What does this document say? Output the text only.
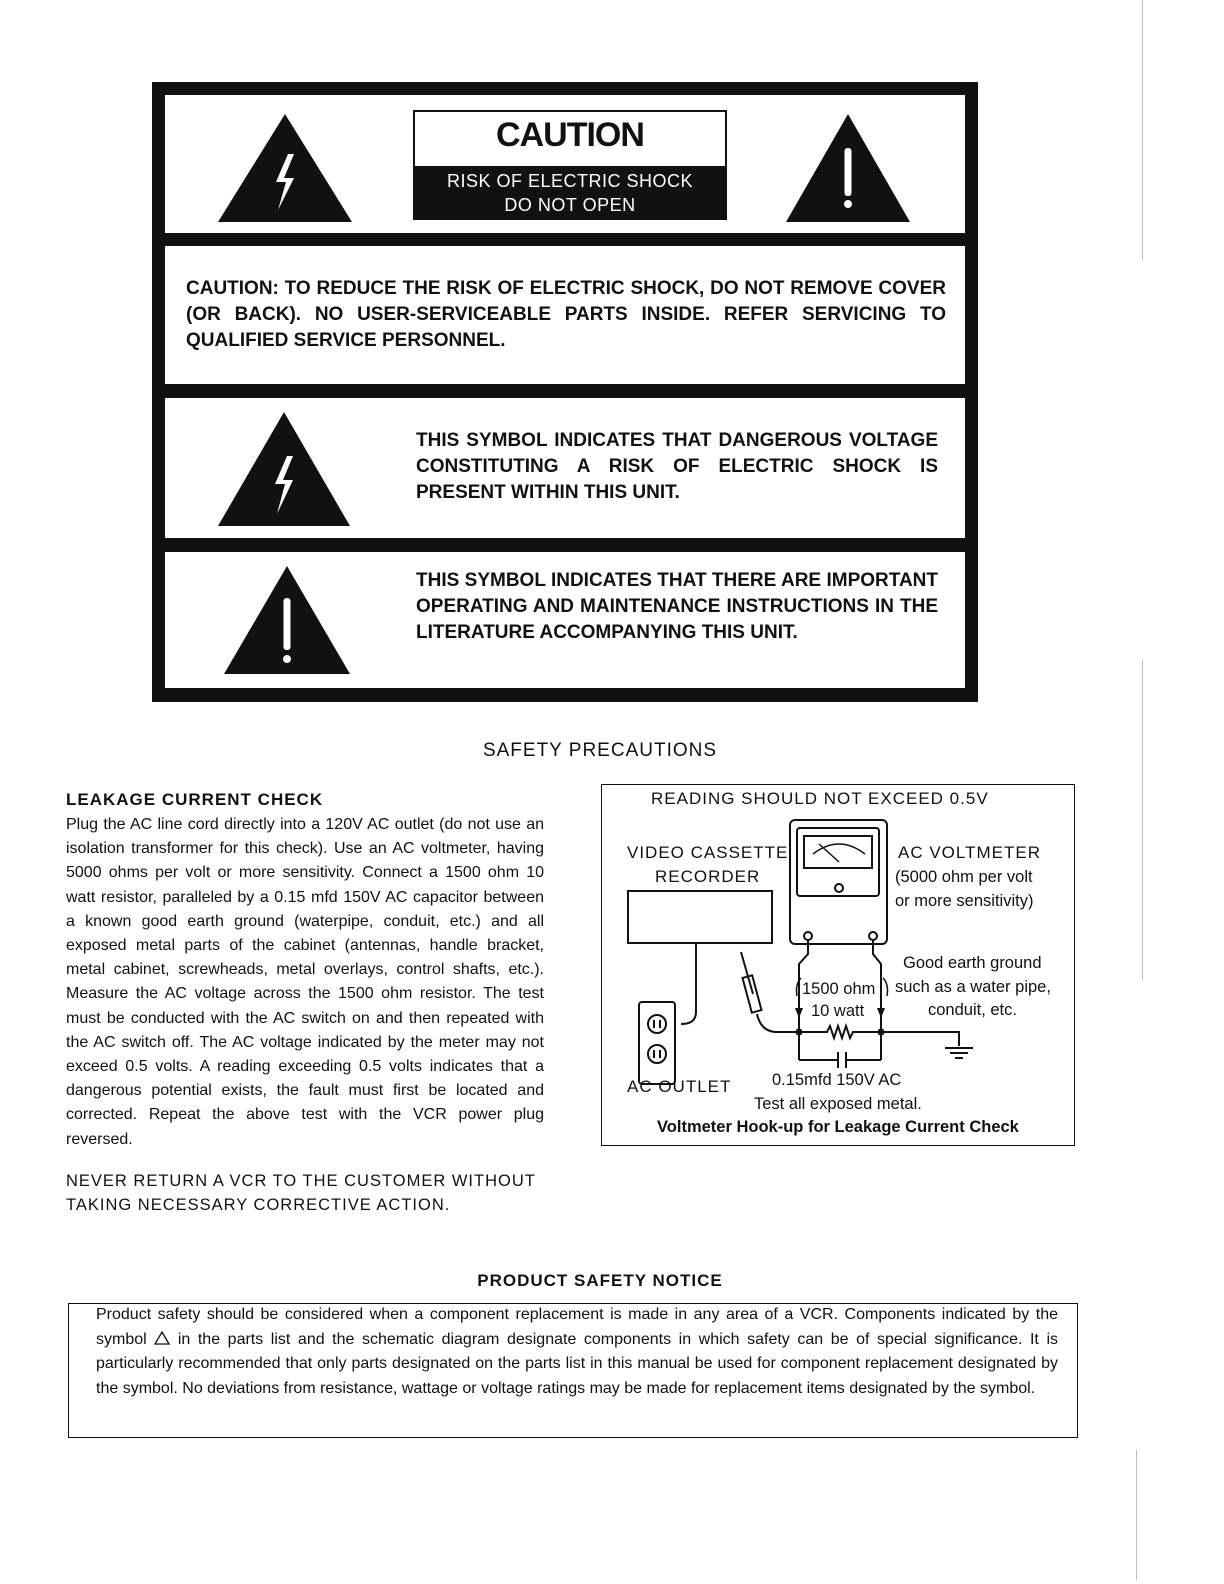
CAUTION
RISK OF ELECTRIC SHOCK
DO NOT OPEN
CAUTION: TO REDUCE THE RISK OF ELECTRIC SHOCK, DO NOT REMOVE COVER (OR BACK). NO USER-SERVICEABLE PARTS INSIDE. REFER SERVICING TO QUALIFIED SERVICE PERSONNEL.
THIS SYMBOL INDICATES THAT DANGEROUS VOLTAGE CONSTITUTING A RISK OF ELECTRIC SHOCK IS PRESENT WITHIN THIS UNIT.
THIS SYMBOL INDICATES THAT THERE ARE IMPORTANT OPERATING AND MAINTENANCE INSTRUCTIONS IN THE LITERATURE ACCOMPANYING THIS UNIT.
SAFETY PRECAUTIONS
LEAKAGE CURRENT CHECK
Plug the AC line cord directly into a 120V AC outlet (do not use an isolation transformer for this check). Use an AC voltmeter, having 5000 ohms per volt or more sensitivity. Connect a 1500 ohm 10 watt resistor, paralleled by a 0.15 mfd 150V AC capacitor between a known good earth ground (waterpipe, conduit, etc.) and all exposed metal parts of the cabinet (antennas, handle bracket, metal cabinet, screwheads, metal overlays, control shafts, etc.). Measure the AC voltage across the 1500 ohm resistor. The test must be conducted with the AC switch on and then repeated with the AC switch off. The AC voltage indicated by the meter may not exceed 0.5 volts. A reading exceeding 0.5 volts indicates that a dangerous potential exists, the fault must first be located and corrected. Repeat the above test with the VCR power plug reversed.
NEVER RETURN A VCR TO THE CUSTOMER WITHOUT TAKING NECESSARY CORRECTIVE ACTION.
READING SHOULD NOT EXCEED 0.5V
VIDEO CASSETTE
RECORDER
AC VOLTMETER
(5000 ohm per volt
or more sensitivity)
Good earth ground
such as a water pipe,
conduit, etc.
1500 ohm
10 watt
AC OUTLET 0.15mfd 150V AC
Test all exposed metal.
Voltmeter Hook-up for Leakage Current Check
PRODUCT SAFETY NOTICE
Product safety should be considered when a component replacement is made in any area of a VCR. Components indicated by the symbol in the parts list and the schematic diagram designate components in which safety can be of special significance. It is particularly recommended that only parts designated on the parts list in this manual be used for component replacement designated by the symbol. No deviations from resistance, wattage or voltage ratings may be made for replacement items designated by the symbol.
